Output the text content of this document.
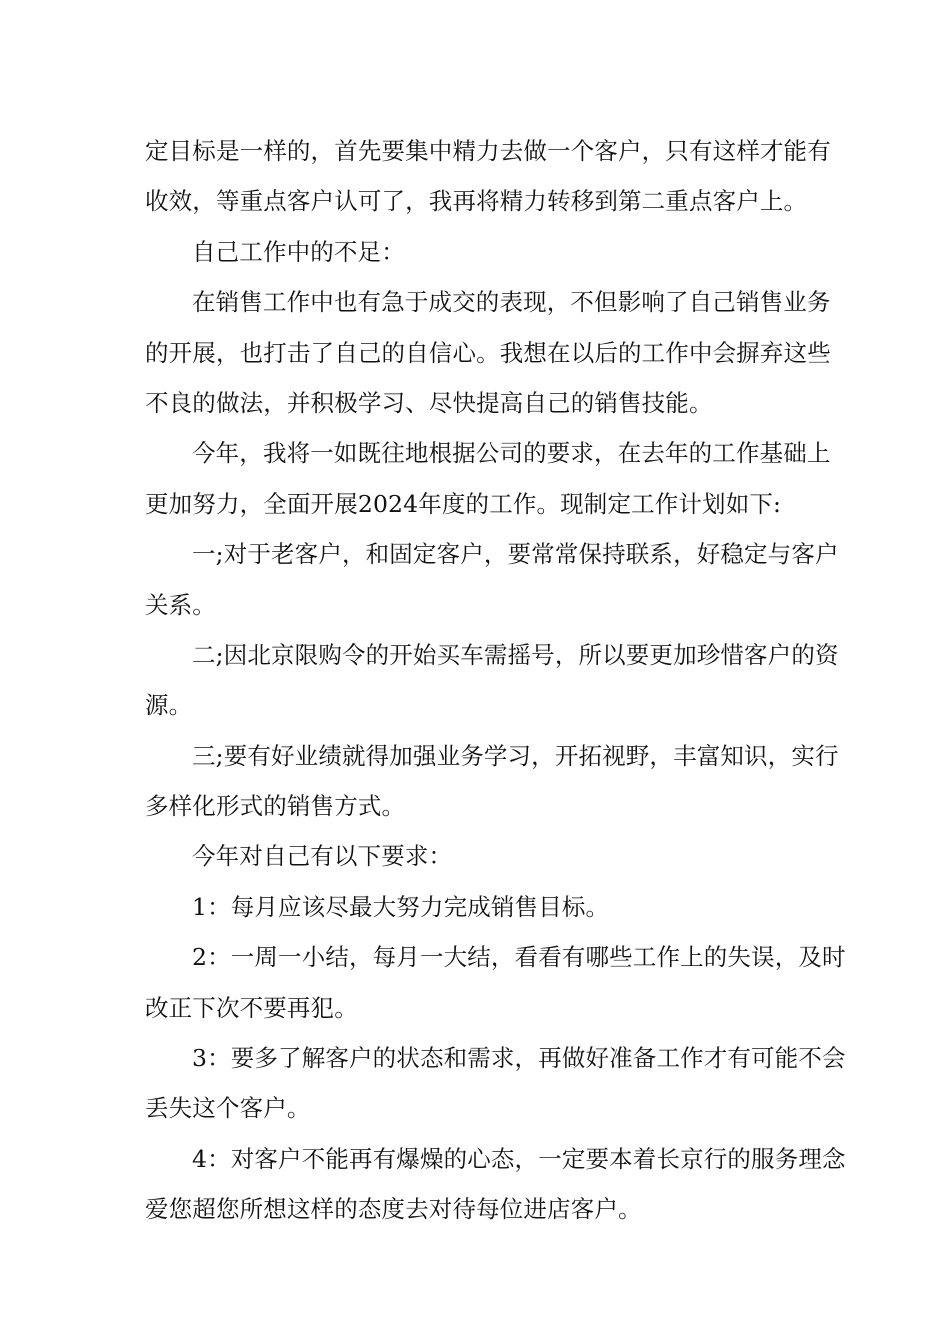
定目标是一样的，首先要集中精力去做一个客户，只有这样才能有
收效，等重点客户认可了，我再将精力转移到第二重点客户上。
自己工作中的不足：
在销售工作中也有急于成交的表现，不但影响了自己销售业务
的开展，也打击了自己的自信心。我想在以后的工作中会摒弃这些
不良的做法，并积极学习、尽快提高自己的销售技能。
今年，我将一如既往地根据公司的要求，在去年的工作基础上
更加努力，全面开展2024年度的工作。现制定工作计划如下:
一;对于老客户，和固定客户，要常常保持联系，好稳定与客户
关系。
二;因北京限购令的开始买车需摇号，所以要更加珍惜客户的资
源。
三;要有好业绩就得加强业务学习，开拓视野，丰富知识，实行
多样化形式的销售方式。
今年对自己有以下要求：
1：每月应该尽最大努力完成销售目标。
2：一周一小结，每月一大结，看看有哪些工作上的失误，及时
改正下次不要再犯。
3：要多了解客户的状态和需求，再做好准备工作才有可能不会
丢失这个客户。
4：对客户不能再有爆燥的心态，一定要本着长京行的服务理念
爱您超您所想这样的态度去对待每位进店客户。
